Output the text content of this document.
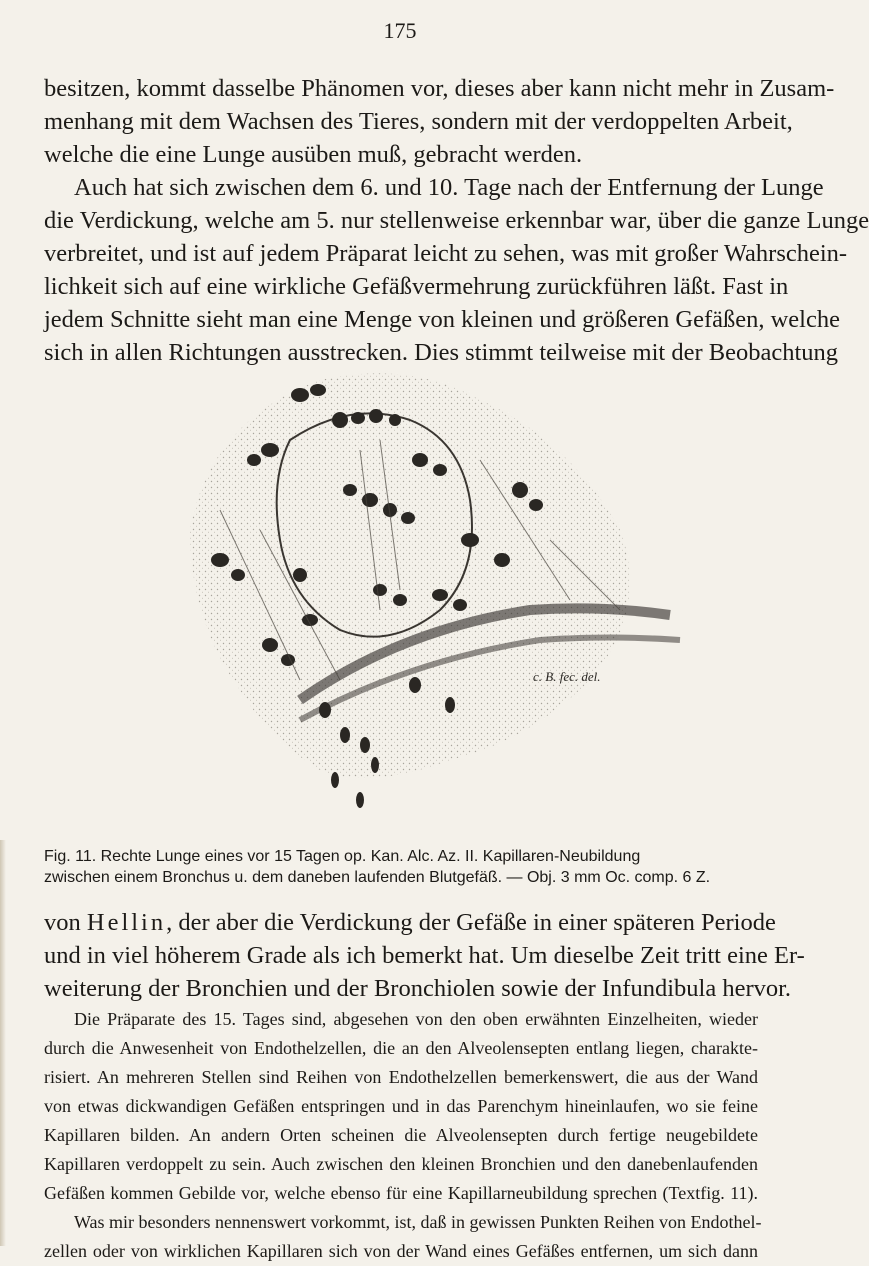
175
besitzen, kommt dasselbe Phänomen vor, dieses aber kann nicht mehr in Zusam-
menhang mit dem Wachsen des Tieres, sondern mit der verdoppelten Arbeit,
welche die eine Lunge ausüben muß, gebracht werden.
Auch hat sich zwischen dem 6. und 10. Tage nach der Entfernung der Lunge
die Verdickung, welche am 5. nur stellenweise erkennbar war, über die ganze Lunge
verbreitet, und ist auf jedem Präparat leicht zu sehen, was mit großer Wahrschein-
lichkeit sich auf eine wirkliche Gefäßvermehrung zurückführen läßt. Fast in
jedem Schnitte sieht man eine Menge von kleinen und größeren Gefäßen, welche
sich in allen Richtungen ausstrecken. Dies stimmt teilweise mit der Beobachtung
c. B. fec. del.
Fig. 11. Rechte Lunge eines vor 15 Tagen op. Kan. Alc. Az. II. Kapillaren-Neubildung
zwischen einem Bronchus u. dem daneben laufenden Blutgefäß. — Obj. 3 mm Oc. comp. 6 Z.
von Hellin, der aber die Verdickung der Gefäße in einer späteren Periode
und in viel höherem Grade als ich bemerkt hat. Um dieselbe Zeit tritt eine Er-
weiterung der Bronchien und der Bronchiolen sowie der Infundibula hervor.
Die Präparate des 15. Tages sind, abgesehen von den oben erwähnten Einzelheiten, wieder
durch die Anwesenheit von Endothelzellen, die an den Alveolensepten entlang liegen, charakte-
risiert. An mehreren Stellen sind Reihen von Endothelzellen bemerkenswert, die aus der Wand
von etwas dickwandigen Gefäßen entspringen und in das Parenchym hineinlaufen, wo sie feine
Kapillaren bilden. An andern Orten scheinen die Alveolensepten durch fertige neugebildete
Kapillaren verdoppelt zu sein. Auch zwischen den kleinen Bronchien und den danebenlaufenden
Gefäßen kommen Gebilde vor, welche ebenso für eine Kapillarneubildung sprechen (Textfig. 11).
Was mir besonders nennenswert vorkommt, ist, daß in gewissen Punkten Reihen von Endothel-
zellen oder von wirklichen Kapillaren sich von der Wand eines Gefäßes entfernen, um sich dann
